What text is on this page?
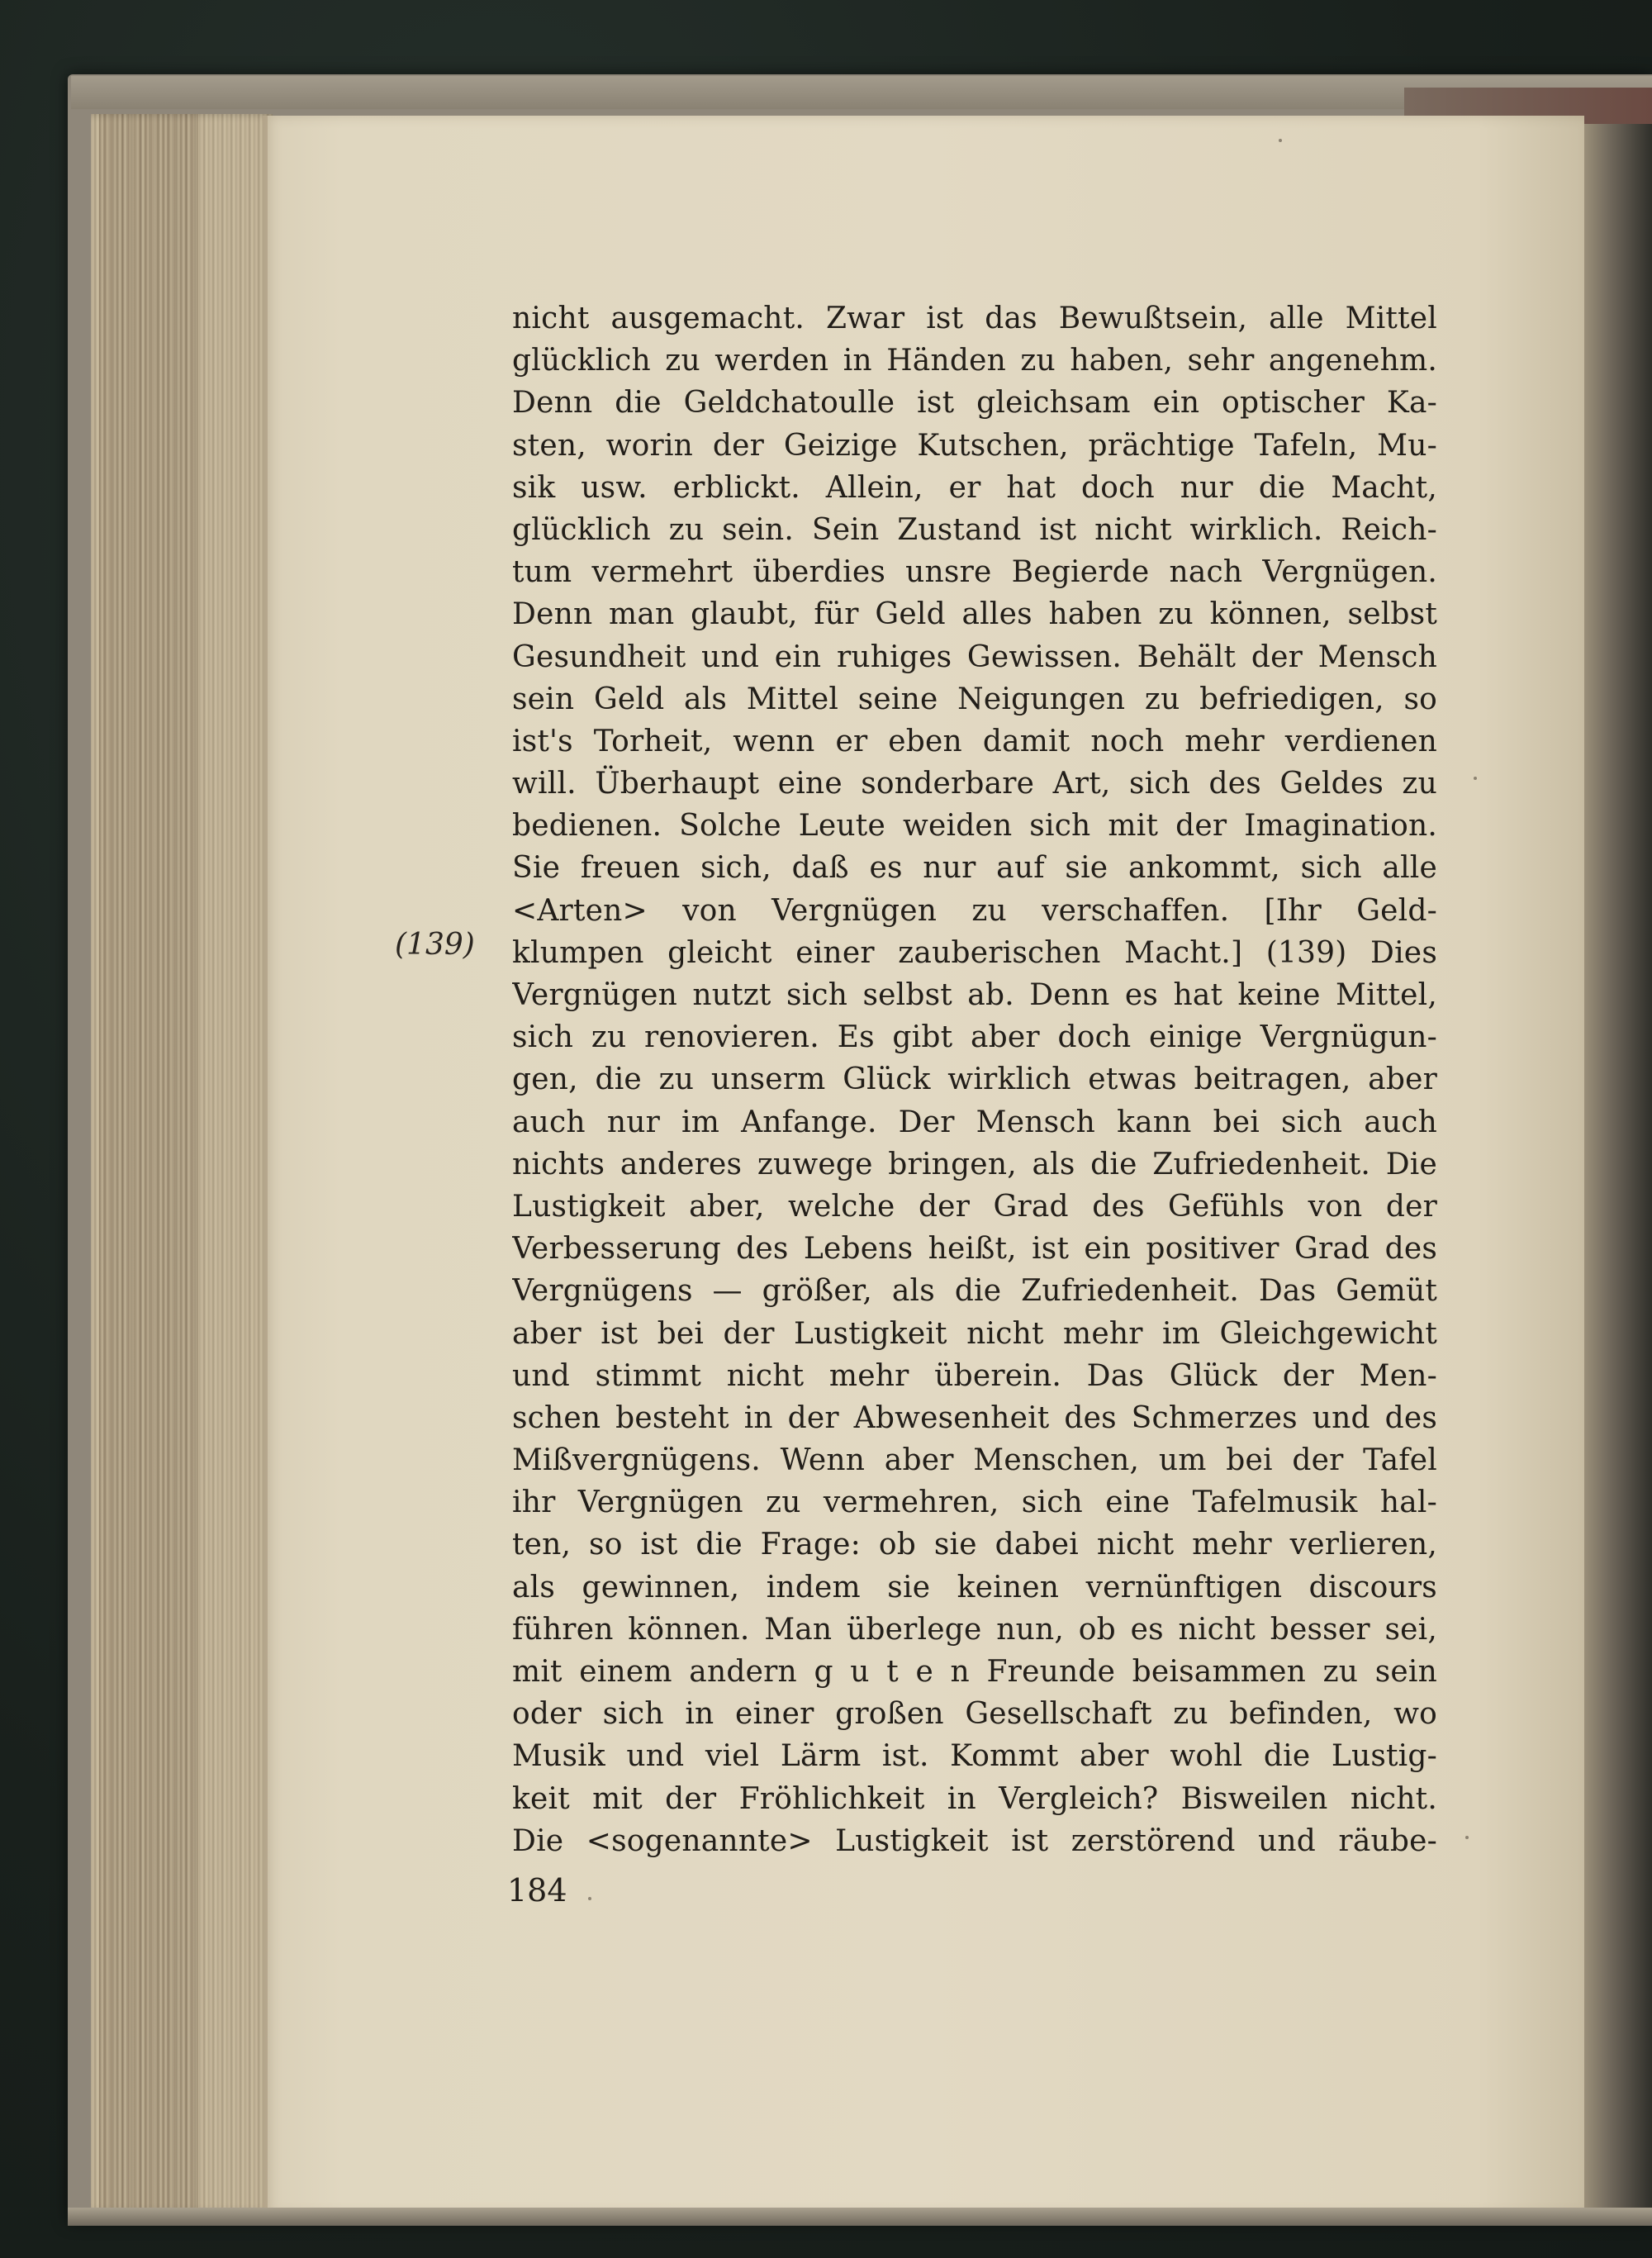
(139)
nicht ausgemacht. Zwar ist das Bewußtsein, alle Mittel
glücklich zu werden in Händen zu haben, sehr angenehm.
Denn die Geldchatoulle ist gleichsam ein optischer Ka-
sten, worin der Geizige Kutschen, prächtige Tafeln, Mu-
sik usw. erblickt. Allein, er hat doch nur die Macht,
glücklich zu sein. Sein Zustand ist nicht wirklich. Reich-
tum vermehrt überdies unsre Begierde nach Vergnügen.
Denn man glaubt, für Geld alles haben zu können, selbst
Gesundheit und ein ruhiges Gewissen. Behält der Mensch
sein Geld als Mittel seine Neigungen zu befriedigen, so
ist's Torheit, wenn er eben damit noch mehr verdienen
will. Überhaupt eine sonderbare Art, sich des Geldes zu
bedienen. Solche Leute weiden sich mit der Imagination.
Sie freuen sich, daß es nur auf sie ankommt, sich alle
<Arten> von Vergnügen zu verschaffen. [Ihr Geld-
klumpen gleicht einer zauberischen Macht.] (139) Dies
Vergnügen nutzt sich selbst ab. Denn es hat keine Mittel,
sich zu renovieren. Es gibt aber doch einige Vergnügun-
gen, die zu unserm Glück wirklich etwas beitragen, aber
auch nur im Anfange. Der Mensch kann bei sich auch
nichts anderes zuwege bringen, als die Zufriedenheit. Die
Lustigkeit aber, welche der Grad des Gefühls von der
Verbesserung des Lebens heißt, ist ein positiver Grad des
Vergnügens — größer, als die Zufriedenheit. Das Gemüt
aber ist bei der Lustigkeit nicht mehr im Gleichgewicht
und stimmt nicht mehr überein. Das Glück der Men-
schen besteht in der Abwesenheit des Schmerzes und des
Mißvergnügens. Wenn aber Menschen, um bei der Tafel
ihr Vergnügen zu vermehren, sich eine Tafelmusik hal-
ten, so ist die Frage: ob sie dabei nicht mehr verlieren,
als gewinnen, indem sie keinen vernünftigen discours
führen können. Man überlege nun, ob es nicht besser sei,
mit einem andern g u t e n Freunde beisammen zu sein
oder sich in einer großen Gesellschaft zu befinden, wo
Musik und viel Lärm ist. Kommt aber wohl die Lustig-
keit mit der Fröhlichkeit in Vergleich? Bisweilen nicht.
Die <sogenannte> Lustigkeit ist zerstörend und räube-
184
